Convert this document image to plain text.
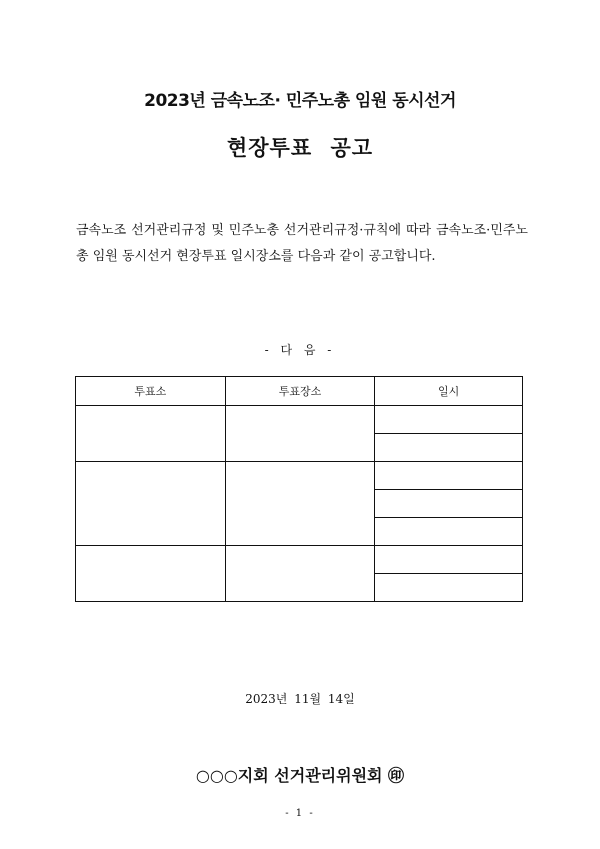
2023년 금속노조· 민주노총 임원 동시선거
현장투표 공고
금속노조 선거관리규정 및 민주노총 선거관리규정·규칙에 따라 금속노조·민주노총 임원 동시선거 현장투표 일시장소를 다음과 같이 공고합니다.
- 다 음 -
투표소	투표장소	일시

2023년 11월 14일
○○○지회 선거관리위원회 ㊞
- 1 -
